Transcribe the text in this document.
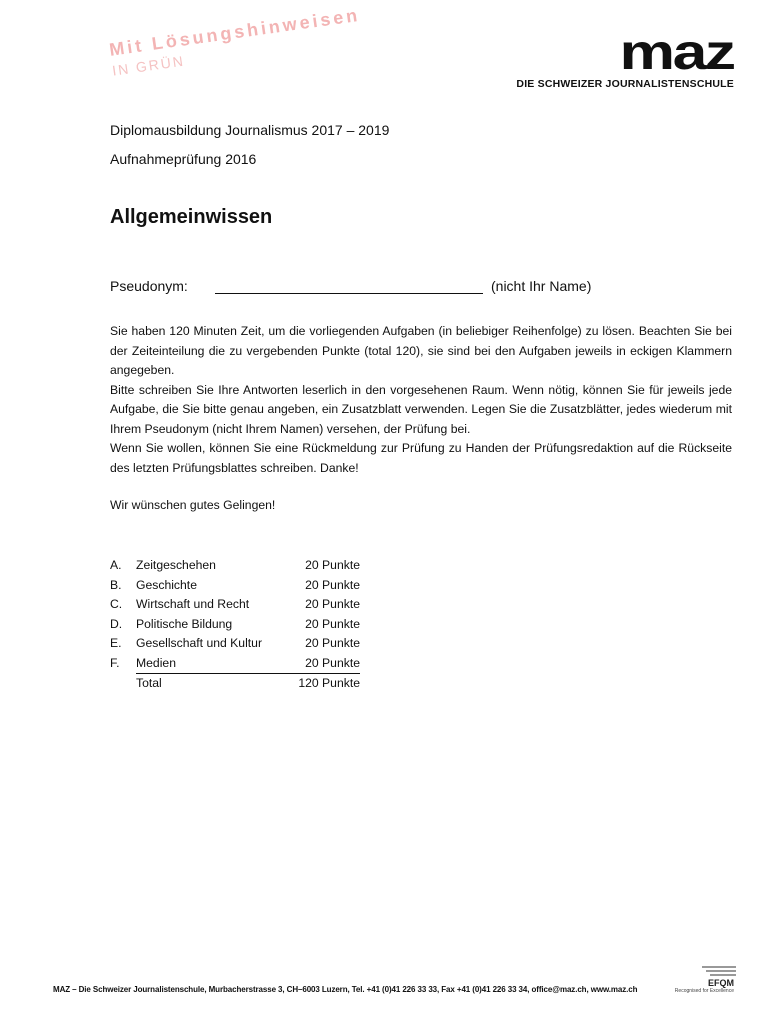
Mit Lösungshinweisen
IN GRÜN	maz
DIE SCHWEIZER JOURNALISTENSCHULE
Diplomausbildung Journalismus 2017 – 2019
Aufnahmeprüfung 2016
Allgemeinwissen
Pseudonym:	(nicht Ihr Name)

Sie haben 120 Minuten Zeit, um die vorliegenden Aufgaben (in beliebiger Reihenfolge) zu lösen. Beachten Sie bei der Zeiteinteilung die zu vergebenden Punkte (total 120), sie sind bei den Aufgaben jeweils in eckigen Klammern angegeben.

Bitte schreiben Sie Ihre Antworten leserlich in den vorgesehenen Raum. Wenn nötig, können Sie für jeweils jede Aufgabe, die Sie bitte genau angeben, ein Zusatzblatt verwenden. Legen Sie die Zusatzblätter, jedes wiederum mit Ihrem Pseudonym (nicht Ihrem Namen) versehen, der Prüfung bei.

Wenn Sie wollen, können Sie eine Rückmeldung zur Prüfung zu Handen der Prüfungsredaktion auf die Rückseite des letzten Prüfungsblattes schreiben. Danke!

Wir wünschen gutes Gelingen!
A. Zeitgeschehen	20 Punkte
B. Geschichte	20 Punkte
C. Wirtschaft und Recht	20 Punkte
D. Politische Bildung	20 Punkte
E. Gesellschaft und Kultur	20 Punkte
F. Medien	20 Punkte
Total	120 Punkte
MAZ – Die Schweizer Journalistenschule, Murbacherstrasse 3, CH–6003 Luzern, Tel. +41 (0)41 226 33 33, Fax +41 (0)41 226 33 34, office@maz.ch, www.maz.ch
EFQM
Recognised for Excellence
